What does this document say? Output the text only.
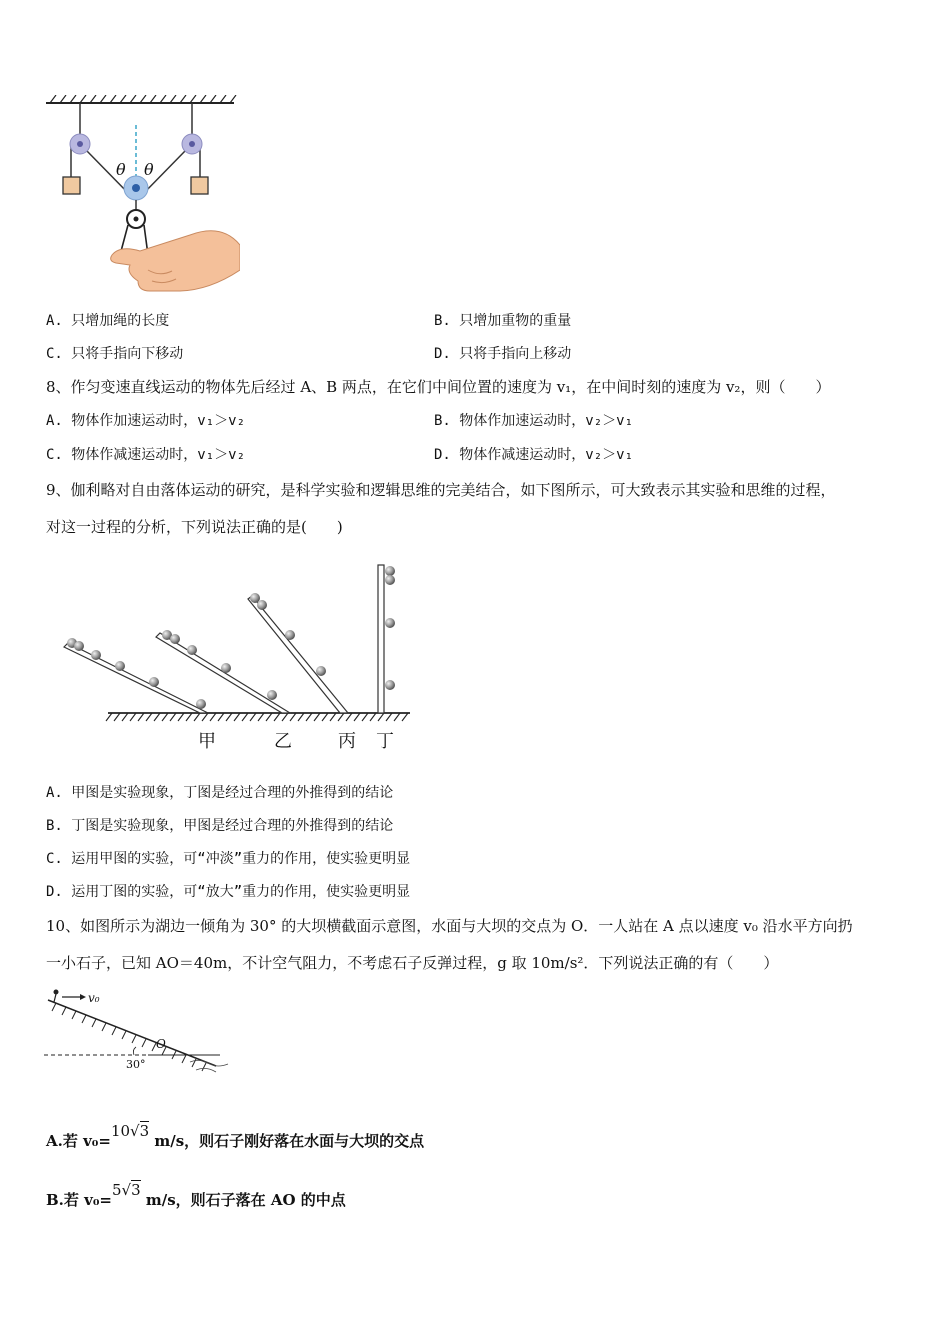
θ θ
A. 只增加绳的长度	B. 只增加重物的重量
C. 只将手指向下移动	D. 只将手指向上移动
8、作匀变速直线运动的物体先后经过 A、B 两点，在它们中间位置的速度为 v₁，在中间时刻的速度为 v₂，则（　　）
A. 物体作加速运动时，v₁＞v₂	B. 物体作加速运动时，v₂＞v₁
C. 物体作减速运动时，v₁＞v₂	D. 物体作减速运动时，v₂＞v₁
9、伽利略对自由落体运动的研究，是科学实验和逻辑思维的完美结合，如下图所示，可大致表示其实验和思维的过程，
对这一过程的分析，下列说法正确的是(　　)
甲	乙	丙 丁
A. 甲图是实验现象，丁图是经过合理的外推得到的结论
B. 丁图是实验现象，甲图是经过合理的外推得到的结论
C. 运用甲图的实验，可“冲淡”重力的作用，使实验更明显
D. 运用丁图的实验，可“放大”重力的作用，使实验更明显
10、如图所示为湖边一倾角为 30° 的大坝横截面示意图，水面与大坝的交点为 O．一人站在 A 点以速度 v₀ 沿水平方向扔
一小石子，已知 AO＝40m，不计空气阻力，不考虑石子反弹过程，g 取 10m/s²．下列说法正确的有（　　）
v₀
O
30°
A.若 v₀=10√3 m/s，则石子刚好落在水面与大坝的交点
B.若 v₀=5√3 m/s，则石子落在 AO 的中点
